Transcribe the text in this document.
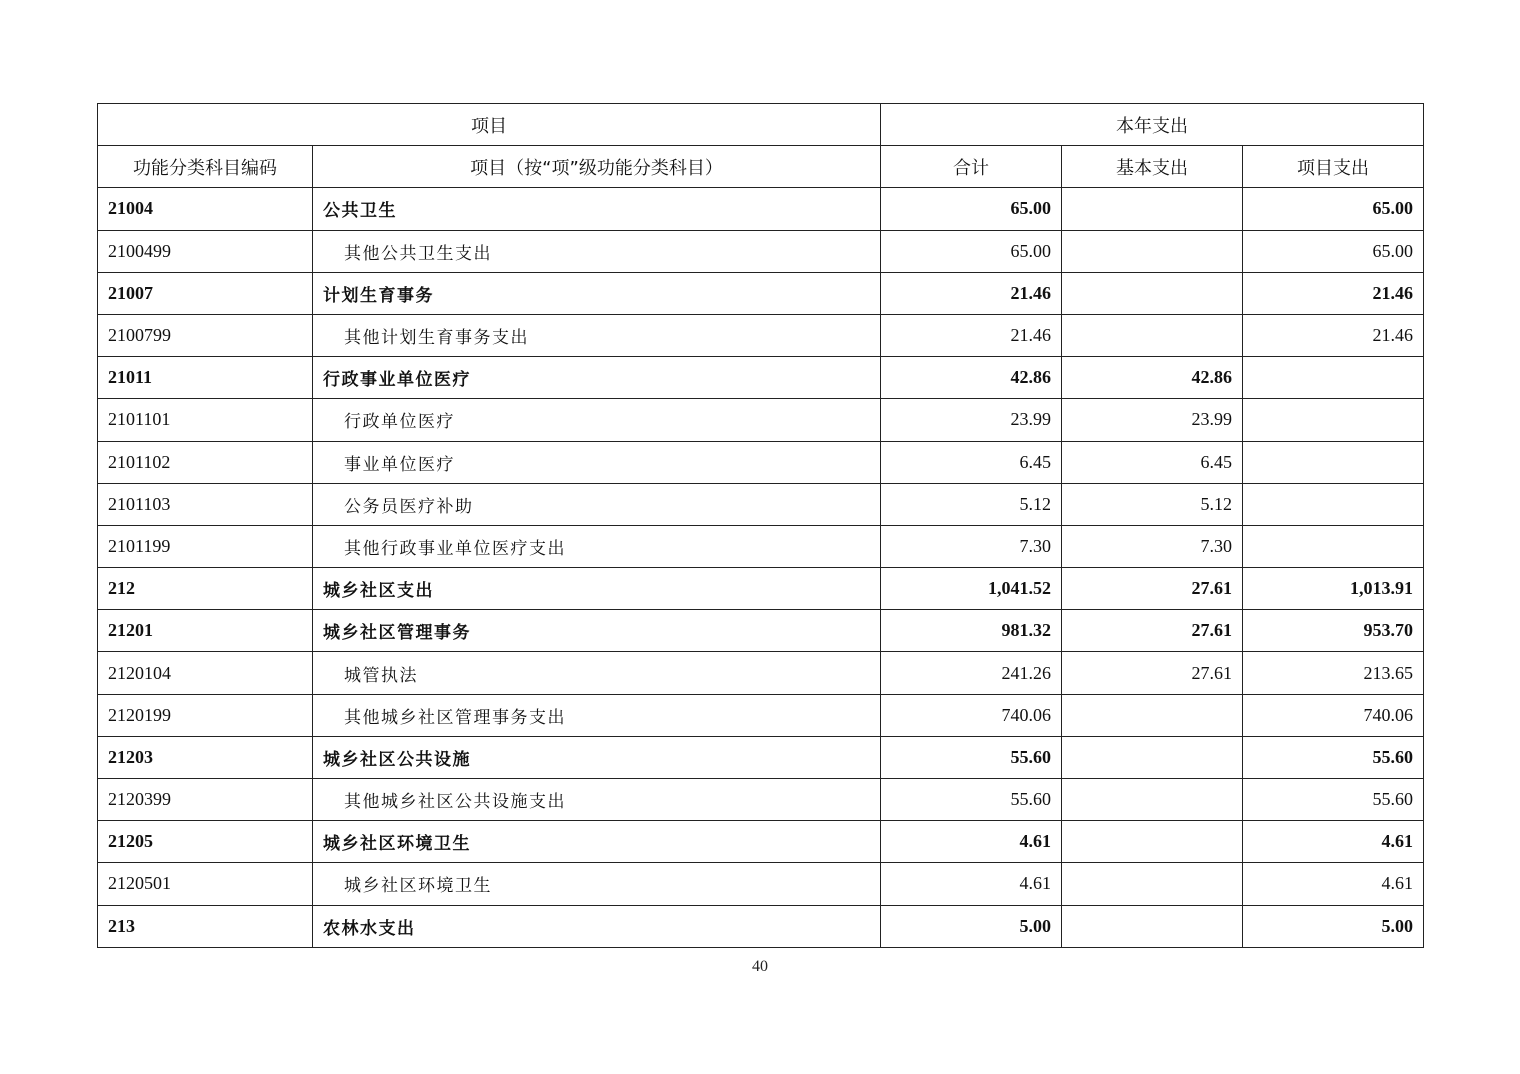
项目		本年支出		
功能分类科目编码	项目（按“项”级功能分类科目）	合计	基本支出	项目支出
21004	公共卫生	65.00		65.00
2100499	其他公共卫生支出	65.00		65.00
21007	计划生育事务	21.46		21.46
2100799	其他计划生育事务支出	21.46		21.46
21011	行政事业单位医疗	42.86	42.86	
2101101	行政单位医疗	23.99	23.99	
2101102	事业单位医疗	6.45	6.45	
2101103	公务员医疗补助	5.12	5.12	
2101199	其他行政事业单位医疗支出	7.30	7.30	
212	城乡社区支出	1,041.52	27.61	1,013.91
21201	城乡社区管理事务	981.32	27.61	953.70
2120104	城管执法	241.26	27.61	213.65
2120199	其他城乡社区管理事务支出	740.06		740.06
21203	城乡社区公共设施	55.60		55.60
2120399	其他城乡社区公共设施支出	55.60		55.60
21205	城乡社区环境卫生	4.61		4.61
2120501	城乡社区环境卫生	4.61		4.61
213	农林水支出	5.00		5.00
40
